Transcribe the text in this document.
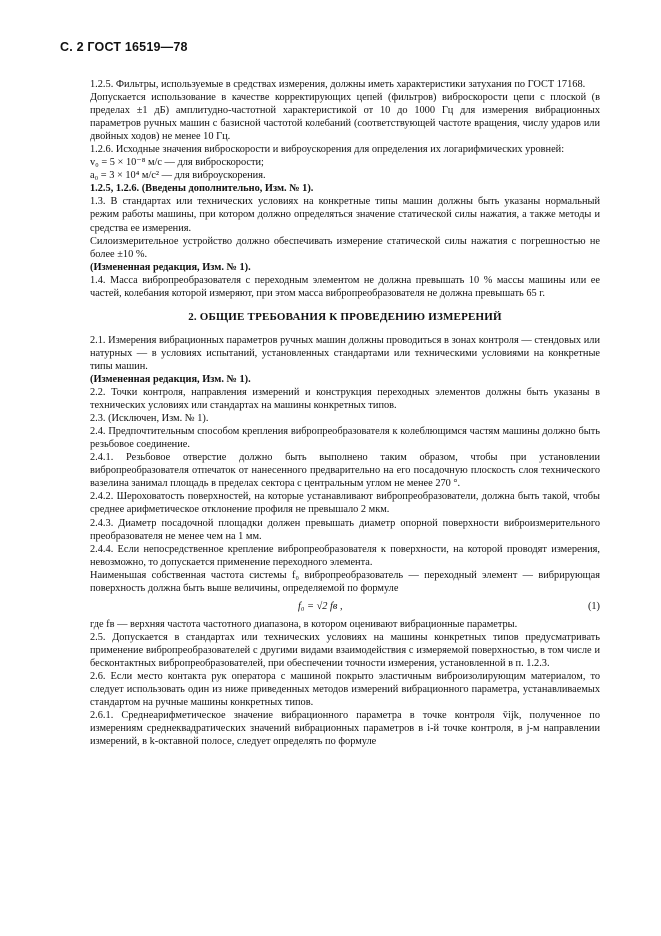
С. 2 ГОСТ 16519—78

1.2.5. Фильтры, используемые в средствах измерения, должны иметь характеристики затухания по ГОСТ 17168.

Допускается использование в качестве корректирующих цепей (фильтров) виброскорости цепи с плоской (в пределах ±1 дБ) амплитудно-частотной характеристикой от 10 до 1000 Гц для измерения вибрационных параметров ручных машин с базисной частотой колебаний (соответствующей частоте вращения, числу ударов или двойных ходов) не менее 10 Гц.

1.2.6. Исходные значения виброскорости и виброускорения для определения их логарифмических уровней:

v₀ = 5 × 10⁻⁸ м/с — для виброскорости;

a₀ = 3 × 10⁴ м/с² — для виброускорения.

1.2.5, 1.2.6. (Введены дополнительно, Изм. № 1).

1.3. В стандартах или технических условиях на конкретные типы машин должны быть указаны нормальный режим работы машины, при котором должно определяться значение статической силы нажатия, а также методы и средства ее измерения.

Силоизмерительное устройство должно обеспечивать измерение статической силы нажатия с погрешностью не более ±10 %.

(Измененная редакция, Изм. № 1).

1.4. Масса вибропреобразователя с переходным элементом не должна превышать 10 % массы машины или ее частей, колебания которой измеряют, при этом масса вибропреобразователя не должна превышать 65 г.

2. ОБЩИЕ ТРЕБОВАНИЯ К ПРОВЕДЕНИЮ ИЗМЕРЕНИЙ

2.1. Измерения вибрационных параметров ручных машин должны проводиться в зонах контроля — стендовых или натурных — в условиях испытаний, установленных стандартами или техническими условиями на конкретные типы машин.

(Измененная редакция, Изм. № 1).

2.2. Точки контроля, направления измерений и конструкция переходных элементов должны быть указаны в технических условиях или стандартах на машины конкретных типов.

2.3. (Исключен, Изм. № 1).

2.4. Предпочтительным способом крепления вибропреобразователя к колеблющимся частям машины должно быть резьбовое соединение.

2.4.1. Резьбовое отверстие должно быть выполнено таким образом, чтобы при установлении вибропреобразователя отпечаток от нанесенного предварительно на его посадочную плоскость слоя технического вазелина занимал площадь в пределах сектора с центральным углом не менее 270 °.

2.4.2. Шероховатость поверхностей, на которые устанавливают вибропреобразователи, должна быть такой, чтобы среднее арифметическое отклонение профиля не превышало 2 мкм.

2.4.3. Диаметр посадочной площадки должен превышать диаметр опорной поверхности виброизмерительного преобразователя не менее чем на 1 мм.

2.4.4. Если непосредственное крепление вибропреобразователя к поверхности, на которой проводят измерения, невозможно, то допускается применение переходного элемента.

Наименьшая собственная частота системы f₀ вибропреобразователь — переходный элемент — вибрирующая поверхность должна быть выше величины, определяемой по формуле

f₀ = √2 fв ,	(1)

где fв — верхняя частота частотного диапазона, в котором оценивают вибрационные параметры.

2.5. Допускается в стандартах или технических условиях на машины конкретных типов предусматривать применение вибропреобразователей с другими видами взаимодействия с измеряемой поверхностью, в том числе и бесконтактных вибропреобразователей, при обеспечении точности измерения, установленной в п. 1.2.3.

2.6. Если место контакта рук оператора с машиной покрыто эластичным виброизолирующим материалом, то следует использовать один из ниже приведенных методов измерений вибрационного параметра, устанавливаемых стандартом на ручные машины конкретных типов.

2.6.1. Среднеарифметическое значение вибрационного параметра в точке контроля v̄ijk, полученное по измерениям среднеквадратических значений вибрационных параметров в i-й точке контроля, в j-м направлении измерений, в k-октавной полосе, следует определять по формуле
